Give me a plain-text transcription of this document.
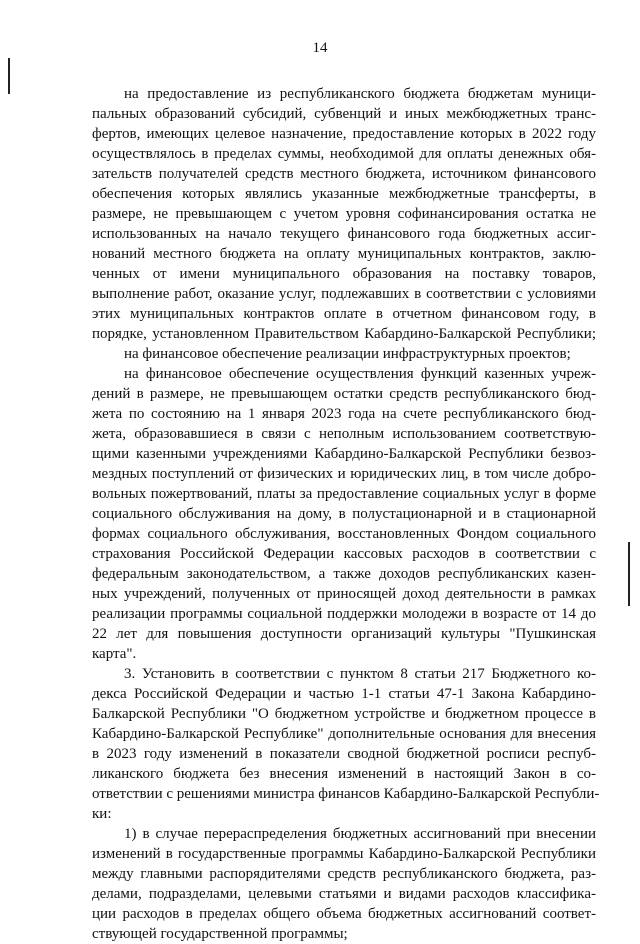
14
на предоставление из республиканского бюджета бюджетам муници-
пальных образований субсидий, субвенций и иных межбюджетных транс-
фертов, имеющих целевое назначение, предоставление которых в 2022 году
осуществлялось в пределах суммы, необходимой для оплаты денежных обя-
зательств получателей средств местного бюджета, источником финансового
обеспечения которых являлись указанные межбюджетные трансферты, в
размере, не превышающем с учетом уровня софинансирования остатка не
использованных на начало текущего финансового года бюджетных ассиг-
нований местного бюджета на оплату муниципальных контрактов, заклю-
ченных от имени муниципального образования на поставку товаров,
выполнение работ, оказание услуг, подлежавших в соответствии с условиями
этих муниципальных контрактов оплате в отчетном финансовом году, в
порядке, установленном Правительством Кабардино-Балкарской Республики;
на финансовое обеспечение реализации инфраструктурных проектов;
на финансовое обеспечение осуществления функций казенных учреж-
дений в размере, не превышающем остатки средств республиканского бюд-
жета по состоянию на 1 января 2023 года на счете республиканского бюд-
жета, образовавшиеся в связи с неполным использованием соответствую-
щими казенными учреждениями Кабардино-Балкарской Республики безвоз-
мездных поступлений от физических и юридических лиц, в том числе добро-
вольных пожертвований, платы за предоставление социальных услуг в форме
социального обслуживания на дому, в полустационарной и в стационарной
формах социального обслуживания, восстановленных Фондом социального
страхования Российской Федерации кассовых расходов в соответствии с
федеральным законодательством, а также доходов республиканских казен-
ных учреждений, полученных от приносящей доход деятельности в рамках
реализации программы социальной поддержки молодежи в возрасте от 14 до
22 лет для повышения доступности организаций культуры "Пушкинская
карта".
3. Установить в соответствии с пунктом 8 статьи 217 Бюджетного ко-
декса Российской Федерации и частью 1-1 статьи 47-1 Закона Кабардино-
Балкарской Республики "О бюджетном устройстве и бюджетном процессе в
Кабардино-Балкарской Республике" дополнительные основания для внесения
в 2023 году изменений в показатели сводной бюджетной росписи респуб-
ликанского бюджета без внесения изменений в настоящий Закон в со-
ответствии с решениями министра финансов Кабардино-Балкарской Республи-
ки:
1) в случае перераспределения бюджетных ассигнований при внесении
изменений в государственные программы Кабардино-Балкарской Республики
между главными распорядителями средств республиканского бюджета, раз-
делами, подразделами, целевыми статьями и видами расходов классифика-
ции расходов в пределах общего объема бюджетных ассигнований соответ-
ствующей государственной программы;
